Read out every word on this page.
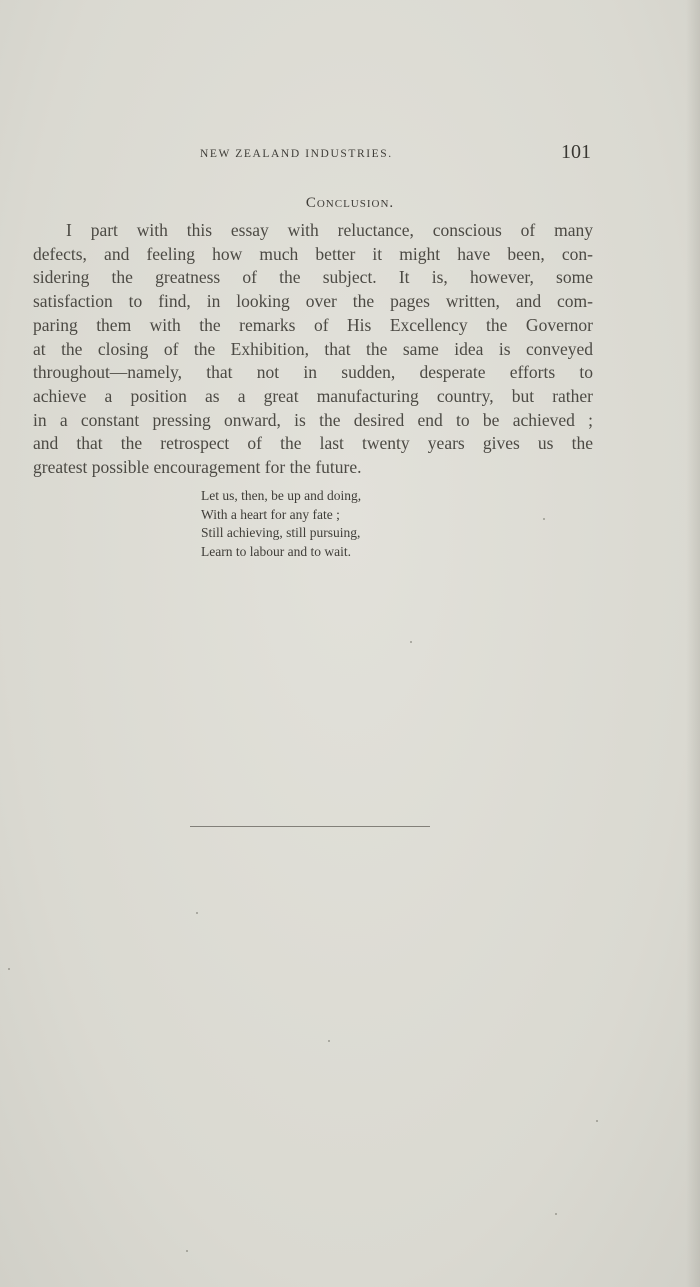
NEW ZEALAND INDUSTRIES.	101
Conclusion.
I part with this essay with reluctance, conscious of many
defects, and feeling how much better it might have been, con-
sidering the greatness of the subject. It is, however, some
satisfaction to find, in looking over the pages written, and com-
paring them with the remarks of His Excellency the Governor
at the closing of the Exhibition, that the same idea is conveyed
throughout—namely, that not in sudden, desperate efforts to
achieve a position as a great manufacturing country, but rather
in a constant pressing onward, is the desired end to be achieved ;
and that the retrospect of the last twenty years gives us the
greatest possible encouragement for the future.
Let us, then, be up and doing,
With a heart for any fate ;
Still achieving, still pursuing,
Learn to labour and to wait.
